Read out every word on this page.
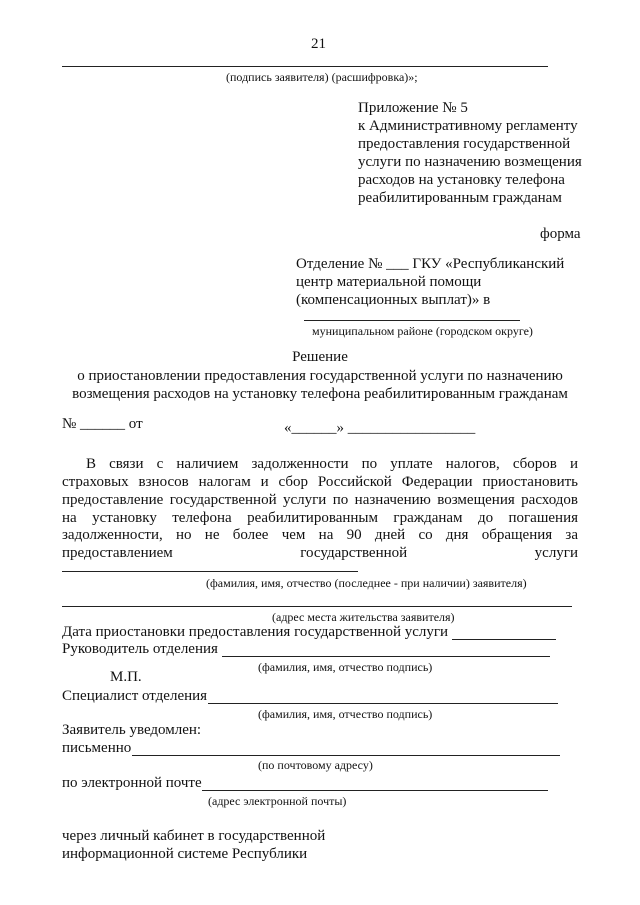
21
(подпись заявителя) (расшифровка)»;
Приложение № 5
к Административному регламенту
предоставления государственной
услуги по назначению возмещения
расходов на установку телефона
реабилитированным гражданам
форма
Отделение № ___ ГКУ «Республиканский
центр материальной помощи
(компенсационных выплат)» в
муниципальном районе (городском округе)
Решение
о приостановлении предоставления государственной услуги по назначению
возмещения расходов на установку телефона реабилитированным гражданам
№ ______ от	«______» _________________
В связи с наличием задолженности по уплате налогов, сборов и
страховых взносов налогам и сбор Российской Федерации приостановить
предоставление государственной услуги по назначению возмещения расходов
на установку телефона реабилитированным гражданам до погашения
задолженности, но не более чем на 90 дней со дня обращения за
предоставлением государственной услуги
(фамилия, имя, отчество (последнее - при наличии) заявителя)
(адрес места жительства заявителя)
Дата приостановки предоставления государственной услуги
Руководитель отделения
(фамилия, имя, отчество подпись)
М.П.
Специалист отделения
(фамилия, имя, отчество подпись)
Заявитель уведомлен:
письменно
(по почтовому адресу)
по электронной почте
(адрес электронной почты)
через личный кабинет в государственной
информационной системе Республики
